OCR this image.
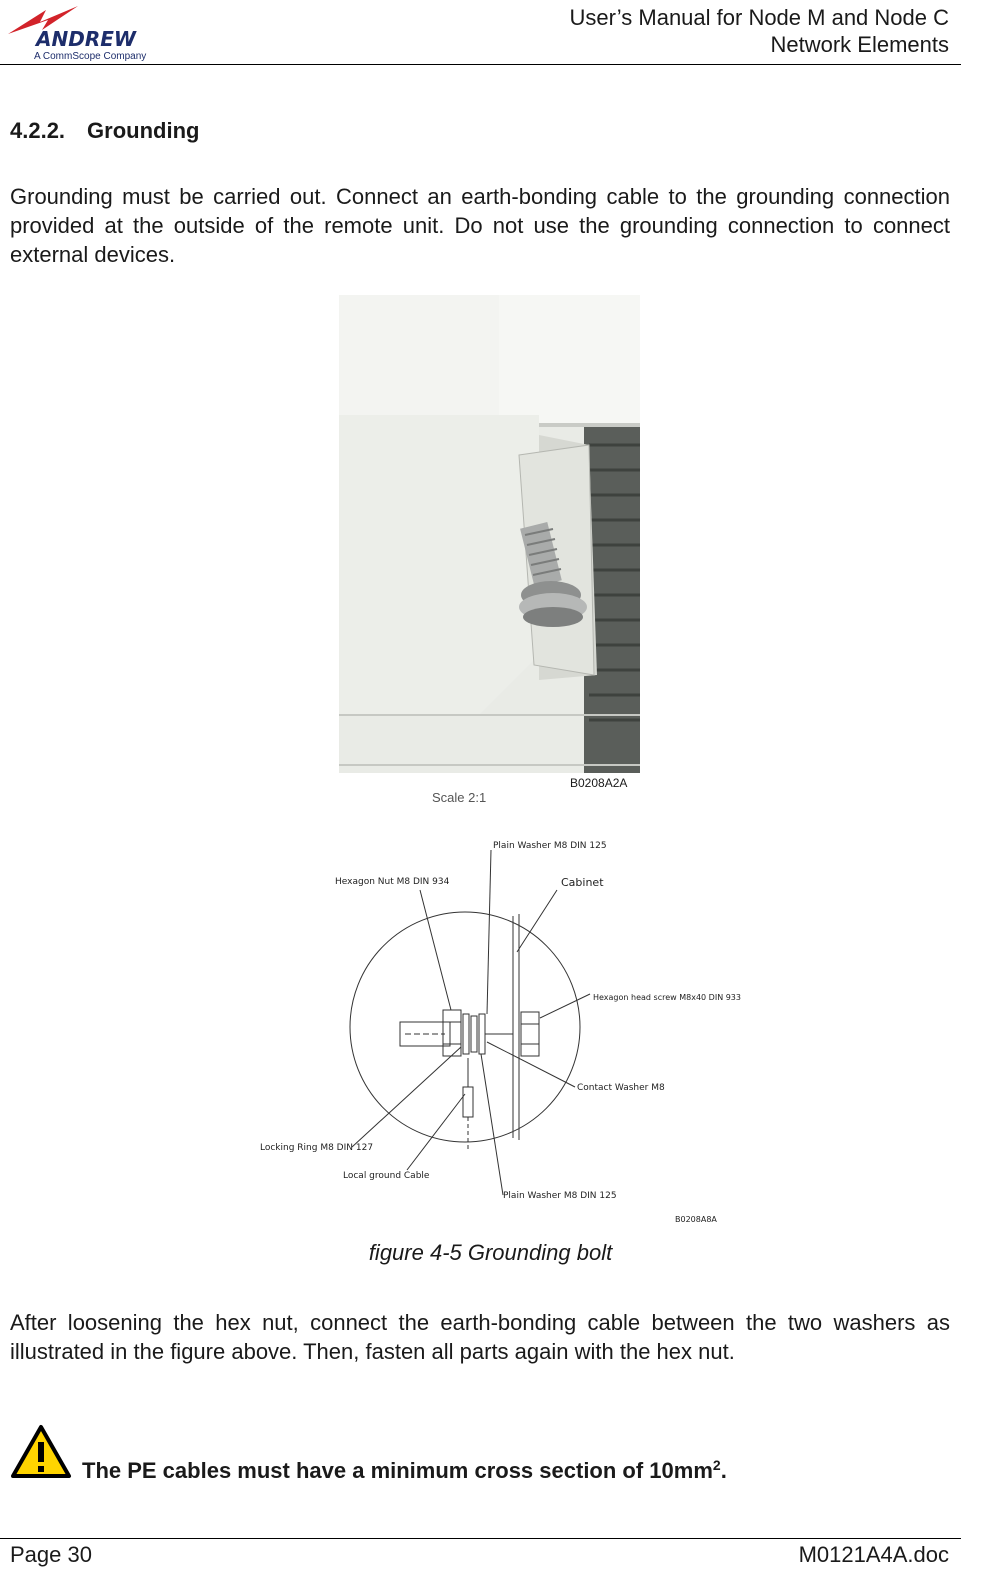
ANDREW
A CommScope Company
User’s Manual for Node M and Node C
Network Elements
4.2.2. Grounding

Grounding must be carried out. Connect an earth-bonding cable to the grounding connection provided at the outside of the remote unit. Do not use the grounding connection to connect external devices.

B0208A2A
Scale 2:1
Plain Washer M8 DIN 125
Hexagon Nut M8 DIN 934	Cabinet
Hexagon head screw M8x40 DIN 933
Contact Washer M8
Locking Ring M8 DIN 127
Local ground Cable
Plain Washer M8 DIN 125
B0208A8A
figure 4-5 Grounding bolt

After loosening the hex nut, connect the earth-bonding cable between the two washers as illustrated in the figure above. Then, fasten all parts again with the hex nut.

The PE cables must have a minimum cross section of $10mm^2$.
Page 30	M0121A4A.doc
